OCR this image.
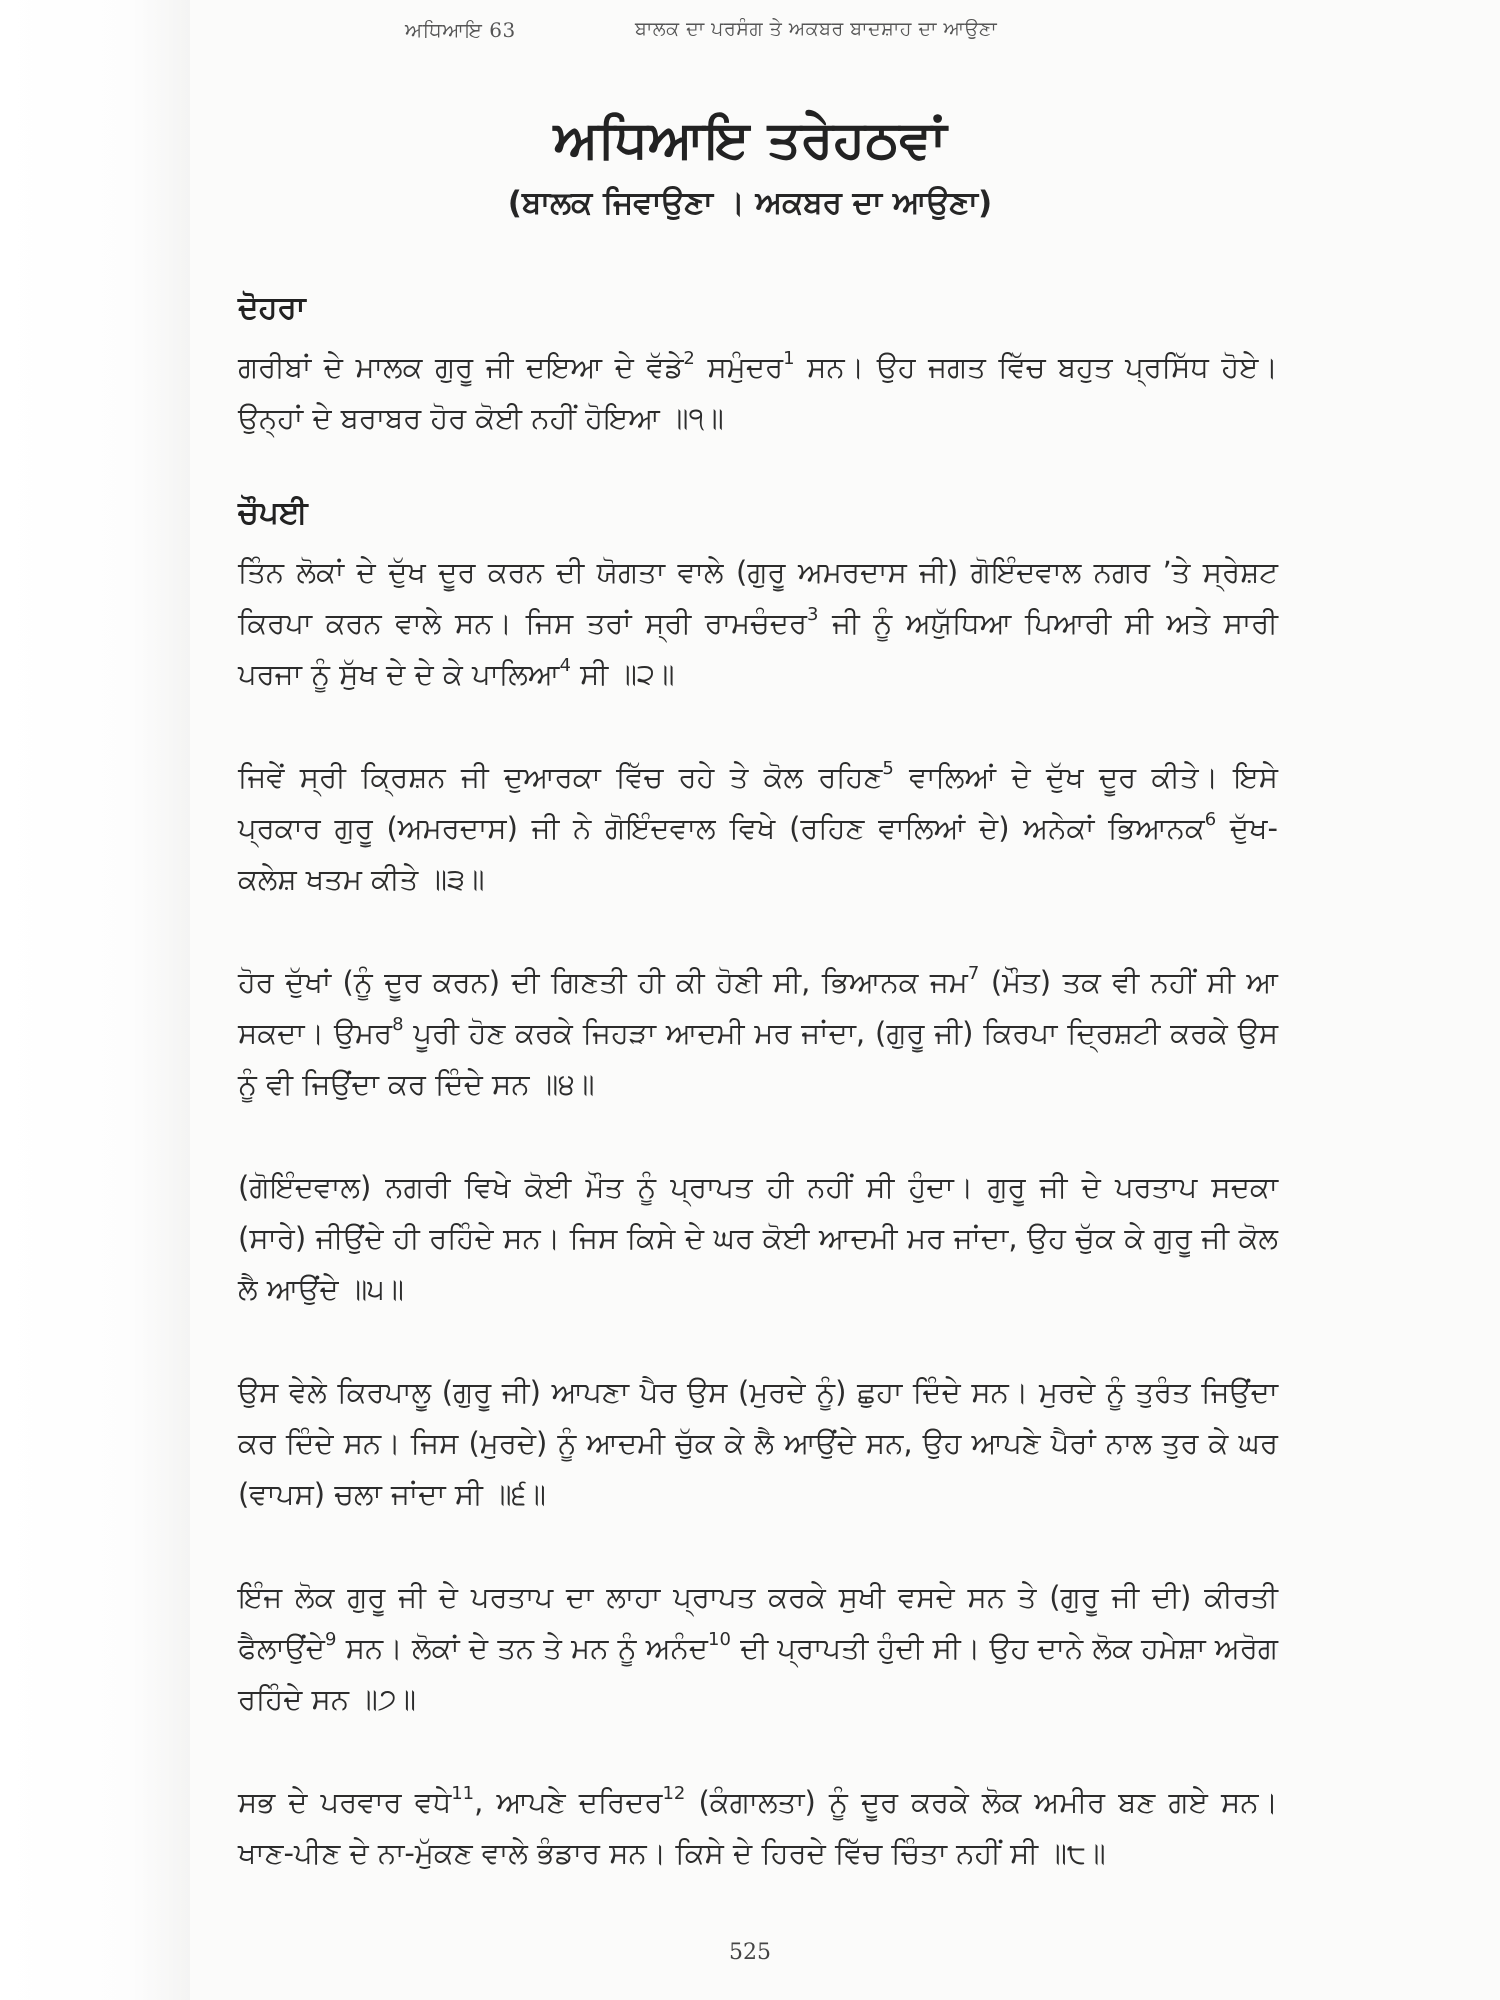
ਅਧਿਆਇ 63	ਬਾਲਕ ਦਾ ਪਰਸੰਗ ਤੇ ਅਕਬਰ ਬਾਦਸ਼ਾਹ ਦਾ ਆਉਣਾ
ਅਧਿਆਇ ਤਰੇਹਠਵਾਂ
(ਬਾਲਕ ਜਿਵਾਉਣਾ । ਅਕਬਰ ਦਾ ਆਉਣਾ)
ਦੋਹਰਾ

ਗਰੀਬਾਂ ਦੇ ਮਾਲਕ ਗੁਰੂ ਜੀ ਦਇਆ ਦੇ ਵੱਡੇ$^2$ ਸਮੁੰਦਰ$^1$ ਸਨ। ਉਹ ਜਗਤ ਵਿੱਚ ਬਹੁਤ ਪ੍ਰਸਿੱਧ ਹੋਏ। ਉਨ੍ਹਾਂ ਦੇ ਬਰਾਬਰ ਹੋਰ ਕੋਈ ਨਹੀਂ ਹੋਇਆ ॥੧॥

ਚੌਪਈ

ਤਿੰਨ ਲੋਕਾਂ ਦੇ ਦੁੱਖ ਦੂਰ ਕਰਨ ਦੀ ਯੋਗਤਾ ਵਾਲੇ (ਗੁਰੂ ਅਮਰਦਾਸ ਜੀ) ਗੋਇੰਦਵਾਲ ਨਗਰ ’ਤੇ ਸ੍ਰੇਸ਼ਟ ਕਿਰਪਾ ਕਰਨ ਵਾਲੇ ਸਨ। ਜਿਸ ਤਰਾਂ ਸ੍ਰੀ ਰਾਮਚੰਦਰ$^3$ ਜੀ ਨੂੰ ਅਯੁੱਧਿਆ ਪਿਆਰੀ ਸੀ ਅਤੇ ਸਾਰੀ ਪਰਜਾ ਨੂੰ ਸੁੱਖ ਦੇ ਦੇ ਕੇ ਪਾਲਿਆ$^4$ ਸੀ ॥੨॥

ਜਿਵੇਂ ਸ੍ਰੀ ਕ੍ਰਿਸ਼ਨ ਜੀ ਦੁਆਰਕਾ ਵਿੱਚ ਰਹੇ ਤੇ ਕੋਲ ਰਹਿਣ$^5$ ਵਾਲਿਆਂ ਦੇ ਦੁੱਖ ਦੂਰ ਕੀਤੇ। ਇਸੇ ਪ੍ਰਕਾਰ ਗੁਰੂ (ਅਮਰਦਾਸ) ਜੀ ਨੇ ਗੋਇੰਦਵਾਲ ਵਿਖੇ (ਰਹਿਣ ਵਾਲਿਆਂ ਦੇ) ਅਨੇਕਾਂ ਭਿਆਨਕ$^6$ ਦੁੱਖ-ਕਲੇਸ਼ ਖਤਮ ਕੀਤੇ ॥੩॥

ਹੋਰ ਦੁੱਖਾਂ (ਨੂੰ ਦੂਰ ਕਰਨ) ਦੀ ਗਿਣਤੀ ਹੀ ਕੀ ਹੋਣੀ ਸੀ, ਭਿਆਨਕ ਜਮ$^7$ (ਮੌਤ) ਤਕ ਵੀ ਨਹੀਂ ਸੀ ਆ ਸਕਦਾ। ਉਮਰ$^8$ ਪੂਰੀ ਹੋਣ ਕਰਕੇ ਜਿਹੜਾ ਆਦਮੀ ਮਰ ਜਾਂਦਾ, (ਗੁਰੂ ਜੀ) ਕਿਰਪਾ ਦ੍ਰਿਸ਼ਟੀ ਕਰਕੇ ਉਸ ਨੂੰ ਵੀ ਜਿਉਂਦਾ ਕਰ ਦਿੰਦੇ ਸਨ ॥੪॥

(ਗੋਇੰਦਵਾਲ) ਨਗਰੀ ਵਿਖੇ ਕੋਈ ਮੌਤ ਨੂੰ ਪ੍ਰਾਪਤ ਹੀ ਨਹੀਂ ਸੀ ਹੁੰਦਾ। ਗੁਰੂ ਜੀ ਦੇ ਪਰਤਾਪ ਸਦਕਾ (ਸਾਰੇ) ਜੀਉਂਦੇ ਹੀ ਰਹਿੰਦੇ ਸਨ। ਜਿਸ ਕਿਸੇ ਦੇ ਘਰ ਕੋਈ ਆਦਮੀ ਮਰ ਜਾਂਦਾ, ਉਹ ਚੁੱਕ ਕੇ ਗੁਰੂ ਜੀ ਕੋਲ ਲੈ ਆਉਂਦੇ ॥੫॥

ਉਸ ਵੇਲੇ ਕਿਰਪਾਲੂ (ਗੁਰੂ ਜੀ) ਆਪਣਾ ਪੈਰ ਉਸ (ਮੁਰਦੇ ਨੂੰ) ਛੁਹਾ ਦਿੰਦੇ ਸਨ। ਮੁਰਦੇ ਨੂੰ ਤੁਰੰਤ ਜਿਉਂਦਾ ਕਰ ਦਿੰਦੇ ਸਨ। ਜਿਸ (ਮੁਰਦੇ) ਨੂੰ ਆਦਮੀ ਚੁੱਕ ਕੇ ਲੈ ਆਉਂਦੇ ਸਨ, ਉਹ ਆਪਣੇ ਪੈਰਾਂ ਨਾਲ ਤੁਰ ਕੇ ਘਰ (ਵਾਪਸ) ਚਲਾ ਜਾਂਦਾ ਸੀ ॥੬॥

ਇੰਜ ਲੋਕ ਗੁਰੂ ਜੀ ਦੇ ਪਰਤਾਪ ਦਾ ਲਾਹਾ ਪ੍ਰਾਪਤ ਕਰਕੇ ਸੁਖੀ ਵਸਦੇ ਸਨ ਤੇ (ਗੁਰੂ ਜੀ ਦੀ) ਕੀਰਤੀ ਫੈਲਾਉਂਦੇ$^9$ ਸਨ। ਲੋਕਾਂ ਦੇ ਤਨ ਤੇ ਮਨ ਨੂੰ ਅਨੰਦ$^{10}$ ਦੀ ਪ੍ਰਾਪਤੀ ਹੁੰਦੀ ਸੀ। ਉਹ ਦਾਨੇ ਲੋਕ ਹਮੇਸ਼ਾ ਅਰੋਗ ਰਹਿੰਦੇ ਸਨ ॥੭॥

ਸਭ ਦੇ ਪਰਵਾਰ ਵਧੇ$^{11}$, ਆਪਣੇ ਦਰਿਦਰ$^{12}$ (ਕੰਗਾਲਤਾ) ਨੂੰ ਦੂਰ ਕਰਕੇ ਲੋਕ ਅਮੀਰ ਬਣ ਗਏ ਸਨ। ਖਾਣ-ਪੀਣ ਦੇ ਨਾ-ਮੁੱਕਣ ਵਾਲੇ ਭੰਡਾਰ ਸਨ। ਕਿਸੇ ਦੇ ਹਿਰਦੇ ਵਿੱਚ ਚਿੰਤਾ ਨਹੀਂ ਸੀ ॥੮॥

525
